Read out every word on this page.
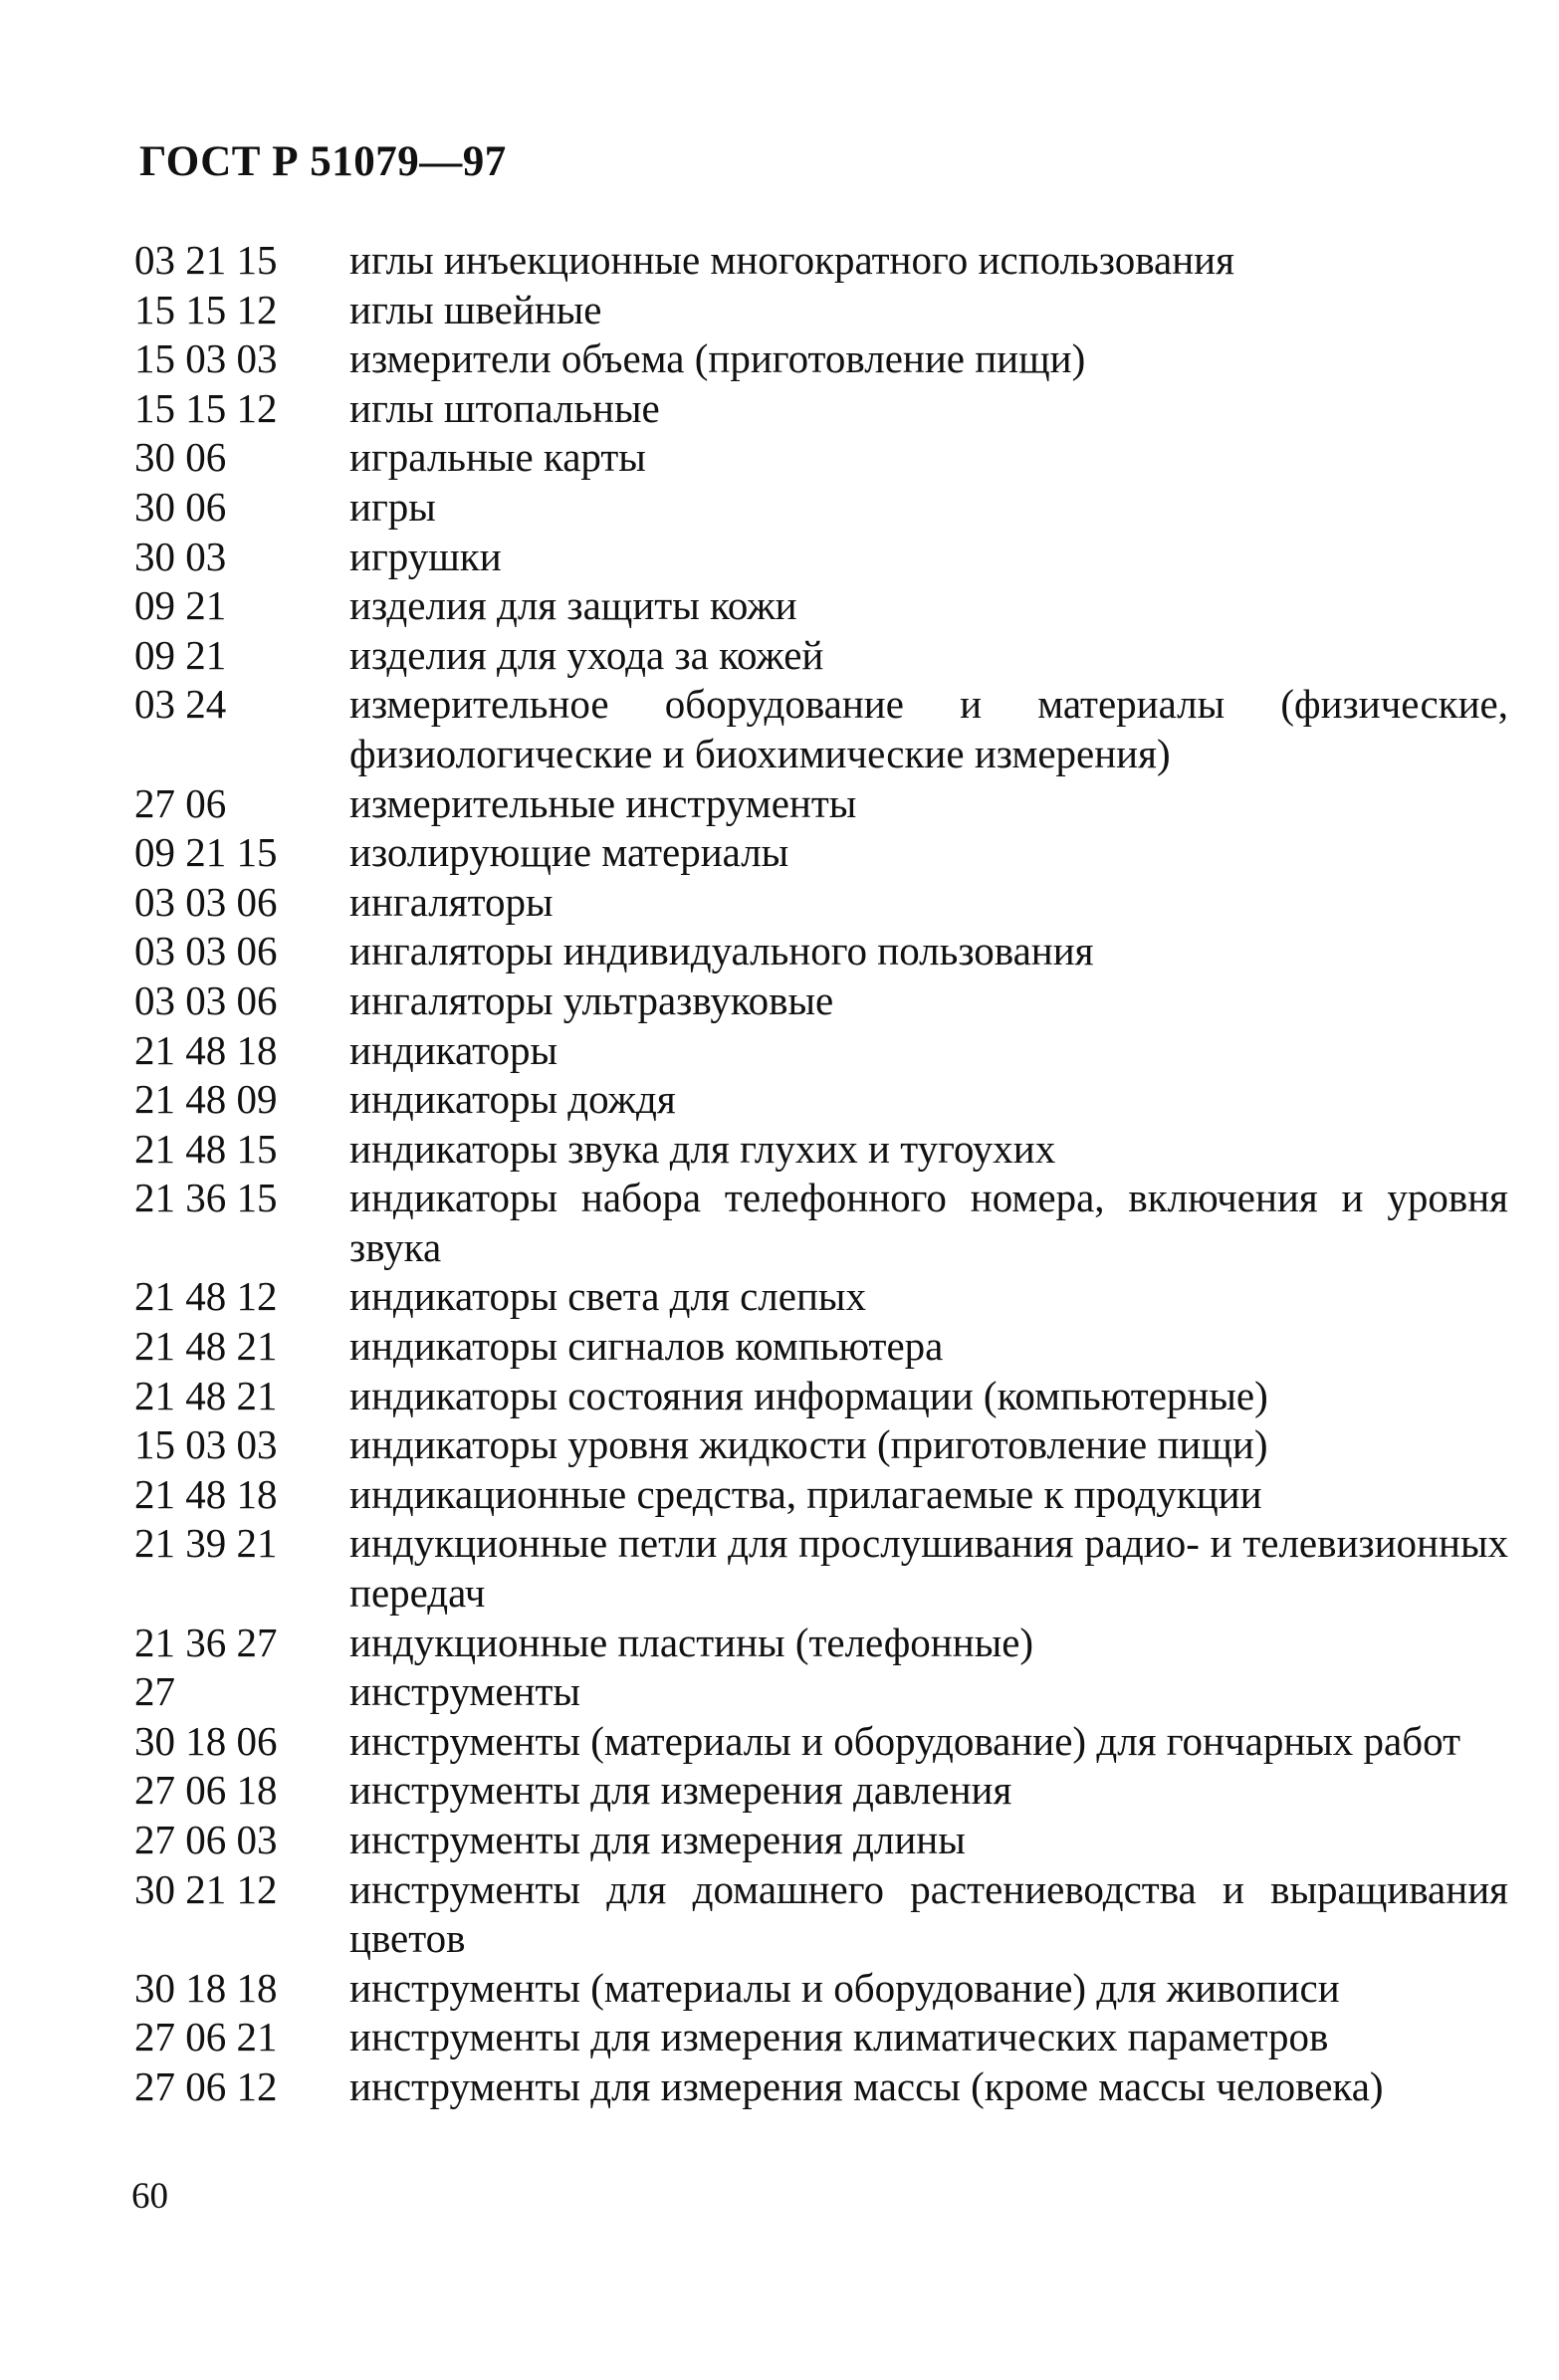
ГОСТ Р 51079—97
03 21 15	иглы инъекционные многократного использования
15 15 12	иглы швейные
15 03 03	измерители объема (приготовление пищи)
15 15 12	иглы штопальные
30 06	игральные карты
30 06	игры
30 03	игрушки
09 21	изделия для защиты кожи
09 21	изделия для ухода за кожей
03 24	измерительное оборудование и материалы (физические, физиологические и биохимические измерения)
27 06	измерительные инструменты
09 21 15	изолирующие материалы
03 03 06	ингаляторы
03 03 06	ингаляторы индивидуального пользования
03 03 06	ингаляторы ультразвуковые
21 48 18	индикаторы
21 48 09	индикаторы дождя
21 48 15	индикаторы звука для глухих и тугоухих
21 36 15	индикаторы набора телефонного номера, включения и уровня звука
21 48 12	индикаторы света для слепых
21 48 21	индикаторы сигналов компьютера
21 48 21	индикаторы состояния информации (компьютерные)
15 03 03	индикаторы уровня жидкости (приготовление пищи)
21 48 18	индикационные средства, прилагаемые к продукции
21 39 21	индукционные петли для прослушивания радио- и телевизионных передач
21 36 27	индукционные пластины (телефонные)
27	инструменты
30 18 06	инструменты (материалы и оборудование) для гончарных работ
27 06 18	инструменты для измерения давления
27 06 03	инструменты для измерения длины
30 21 12	инструменты для домашнего растениеводства и выращивания цветов
30 18 18	инструменты (материалы и оборудование) для живописи
27 06 21	инструменты для измерения климатических параметров
27 06 12	инструменты для измерения массы (кроме массы человека)
60
